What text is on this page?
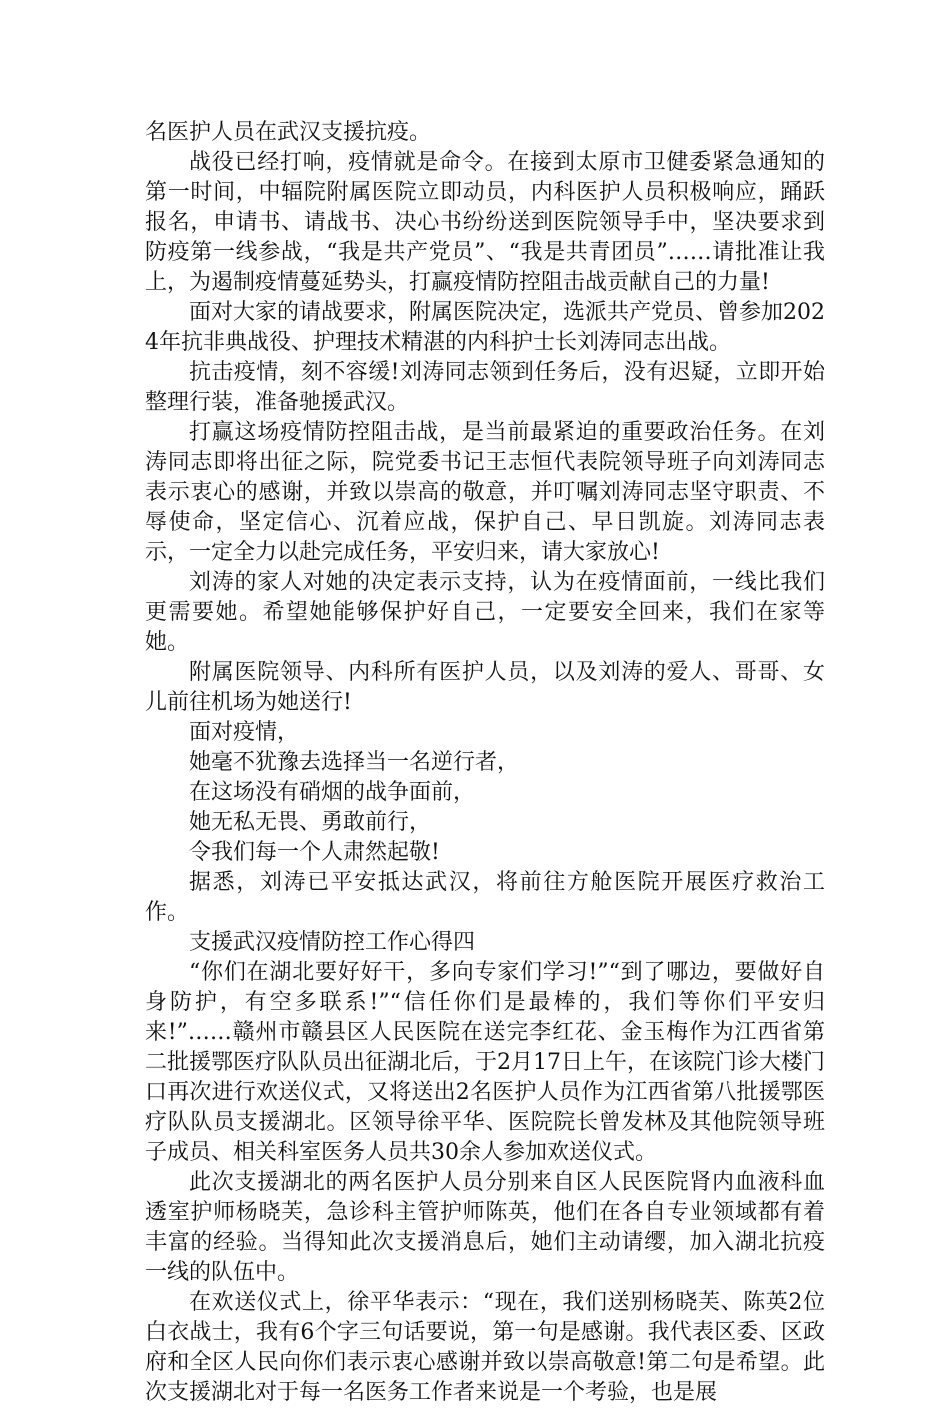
名医护人员在武汉支援抗疫。

战役已经打响，疫情就是命令。在接到太原市卫健委紧急通知的第一时间，中辐院附属医院立即动员，内科医护人员积极响应，踊跃报名，申请书、请战书、决心书纷纷送到医院领导手中，坚决要求到防疫第一线参战，“我是共产党员”、“我是共青团员”……请批准让我上，为遏制疫情蔓延势头，打赢疫情防控阻击战贡献自己的力量!

面对大家的请战要求，附属医院决定，选派共产党员、曾参加2024年抗非典战役、护理技术精湛的内科护士长刘涛同志出战。

抗击疫情，刻不容缓!刘涛同志领到任务后，没有迟疑，立即开始整理行装，准备驰援武汉。

打赢这场疫情防控阻击战，是当前最紧迫的重要政治任务。在刘涛同志即将出征之际，院党委书记王志恒代表院领导班子向刘涛同志表示衷心的感谢，并致以崇高的敬意，并叮嘱刘涛同志坚守职责、不辱使命，坚定信心、沉着应战，保护自己、早日凯旋。刘涛同志表示，一定全力以赴完成任务，平安归来，请大家放心!

刘涛的家人对她的决定表示支持，认为在疫情面前，一线比我们更需要她。希望她能够保护好自己，一定要安全回来，我们在家等她。

附属医院领导、内科所有医护人员，以及刘涛的爱人、哥哥、女儿前往机场为她送行!

面对疫情，

她毫不犹豫去选择当一名逆行者，

在这场没有硝烟的战争面前，

她无私无畏、勇敢前行，

令我们每一个人肃然起敬!

据悉，刘涛已平安抵达武汉，将前往方舱医院开展医疗救治工作。

支援武汉疫情防控工作心得四

“你们在湖北要好好干，多向专家们学习!”“到了哪边，要做好自身防护，有空多联系!”“信任你们是最棒的，我们等你们平安归来!”……赣州市赣县区人民医院在送完李红花、金玉梅作为江西省第二批援鄂医疗队队员出征湖北后，于2月17日上午，在该院门诊大楼门口再次进行欢送仪式，又将送出2名医护人员作为江西省第八批援鄂医疗队队员支援湖北。区领导徐平华、医院院长曾发林及其他院领导班子成员、相关科室医务人员共30余人参加欢送仪式。

此次支援湖北的两名医护人员分别来自区人民医院肾内血液科血透室护师杨晓芙，急诊科主管护师陈英，他们在各自专业领域都有着丰富的经验。当得知此次支援消息后，她们主动请缨，加入湖北抗疫一线的队伍中。

在欢送仪式上，徐平华表示：“现在，我们送别杨晓芙、陈英2位白衣战士，我有6个字三句话要说，第一句是感谢。我代表区委、区政府和全区人民向你们表示衷心感谢并致以崇高敬意!第二句是希望。此次支援湖北对于每一名医务工作者来说是一个考验，也是展
